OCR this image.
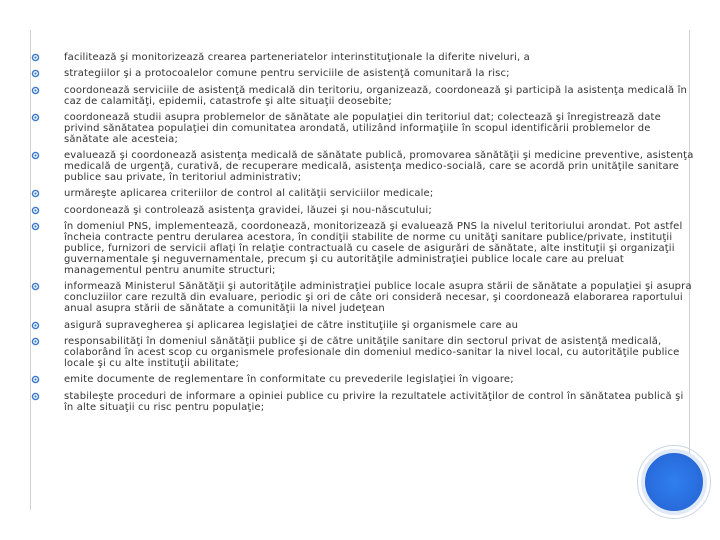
facilitează şi monitorizează crearea parteneriatelor interinstituţionale la diferite niveluri, a
strategiilor şi a protocoalelor comune pentru serviciile de asistenţă comunitară la risc;
coordonează serviciile de asistenţă medicală din teritoriu, organizează, coordonează şi participă la asistenţa medicală în caz de calamităţi, epidemii, catastrofe şi alte situaţii deosebite;
coordonează studii asupra problemelor de sănătate ale populaţiei din teritoriul dat; colectează şi înregistrează date privind sănătatea populaţiei din comunitatea arondată, utilizând informaţiile în scopul identificării problemelor de sănătate ale acesteia;
evaluează şi coordonează asistenţa medicală de sănătate publică, promovarea sănătăţii şi medicine preventive, asistenţa medicală de urgenţă, curativă, de recuperare medicală, asistenţa medico-socială, care se acordă prin unităţile sanitare publice sau private, în teritoriul administrativ;
urmăreşte aplicarea criteriilor de control al calităţii serviciilor medicale;
coordonează şi controlează asistenţa gravidei, lăuzei şi nou-născutului;
în domeniul PNS, implementează, coordonează, monitorizează şi evaluează PNS la nivelul teritoriului arondat. Pot astfel încheia contracte pentru derularea acestora, în condiţii stabilite de norme cu unităţi sanitare publice/private, instituţii publice, furnizori de servicii aflaţi în relaţie contractuală cu casele de asigurări de sănătate, alte instituţii şi organizaţii guvernamentale şi neguvernamentale, precum şi cu autorităţile administraţiei publice locale care au preluat managementul pentru anumite structuri;
informează Ministerul Sănătăţii şi autorităţile administraţiei publice locale asupra stării de sănătate a populaţiei şi asupra concluziilor care rezultă din evaluare, periodic şi ori de câte ori consideră necesar, şi coordonează elaborarea raportului anual asupra stării de sănătate a comunităţii la nivel judeţean
asigură supravegherea şi aplicarea legislaţiei de către instituţiile şi organismele care au
responsabilităţi în domeniul sănătăţii publice şi de către unităţile sanitare din sectorul privat de asistenţă medicală, colaborând în acest scop cu organismele profesionale din domeniul medico-sanitar la nivel local, cu autorităţile publice locale şi cu alte instituţii abilitate;
emite documente de reglementare în conformitate cu prevederile legislaţiei în vigoare;
stabileşte proceduri de informare a opiniei publice cu privire la rezultatele activităţilor de control în sănătatea publică şi în alte situaţii cu risc pentru populaţie;
